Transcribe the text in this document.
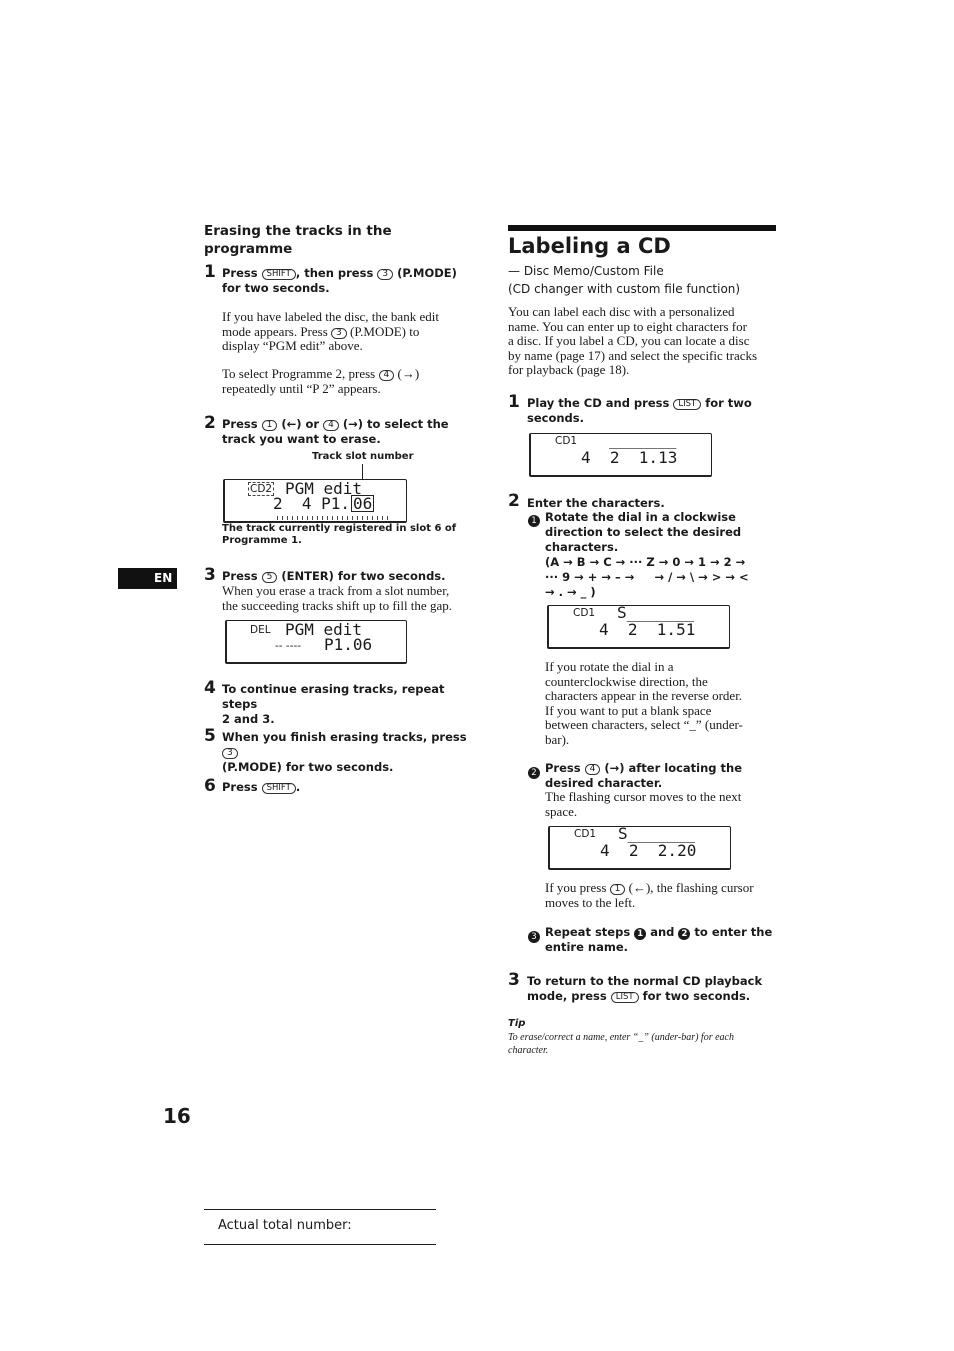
EN
Erasing the tracks in the
programme
1 Press SHIFT , then press 3 (P.MODE)
for two seconds.
If you have labeled the disc, the bank edit
mode appears. Press 3 (P.MODE) to
display “PGM edit” above.
To select Programme 2, press 4 (→)
repeatedly until “P 2” appears.
2 Press 1 (←) or 4 (→) to select the
track you want to erase.
Track slot number
CD2 PGM edit
2  4 P1. 06
The track currently registered in slot 6 of
Programme 1.
3 Press 5 (ENTER) for two seconds.
When you erase a track from a slot number,
the succeeding tracks shift up to fill the gap.
DEL PGM edit
-- ---- P1.06
4 To continue erasing tracks, repeat steps
2 and 3.
5 When you finish erasing tracks, press 3
(P.MODE) for two seconds.
6 Press SHIFT .
Labeling a CD
— Disc Memo/Custom File
(CD changer with custom file function)
You can label each disc with a personalized
name. You can enter up to eight characters for
a disc. If you label a CD, you can locate a disc
by name (page 17) and select the specific tracks
for playback (page 18).
1 Play the CD and press LIST for two
seconds.
CD1 _______
4  2  1.13
2 Enter the characters.
1 Rotate the dial in a clockwise
direction to select the desired
characters.
(A → B → C → ··· Z → 0 → 1 → 2 →
··· 9 → + → – →     → / → \ → > → <
→ . → _ )
CD1 S_______
4  2  1.51
If you rotate the dial in a
counterclockwise direction, the
characters appear in the reverse order.
If you want to put a blank space
between characters, select “_” (under-
bar).
2 Press 4 (→) after locating the
desired character.
The flashing cursor moves to the next
space.
CD1 S_______
4  2  2.20
If you press 1 (←), the flashing cursor
moves to the left.
3 Repeat steps 1 and 2 to enter the
entire name.
3 To return to the normal CD playback
mode, press LIST for two seconds.
Tip
To erase/correct a name, enter “_” (under-bar) for each
character.
16
Actual total number:
